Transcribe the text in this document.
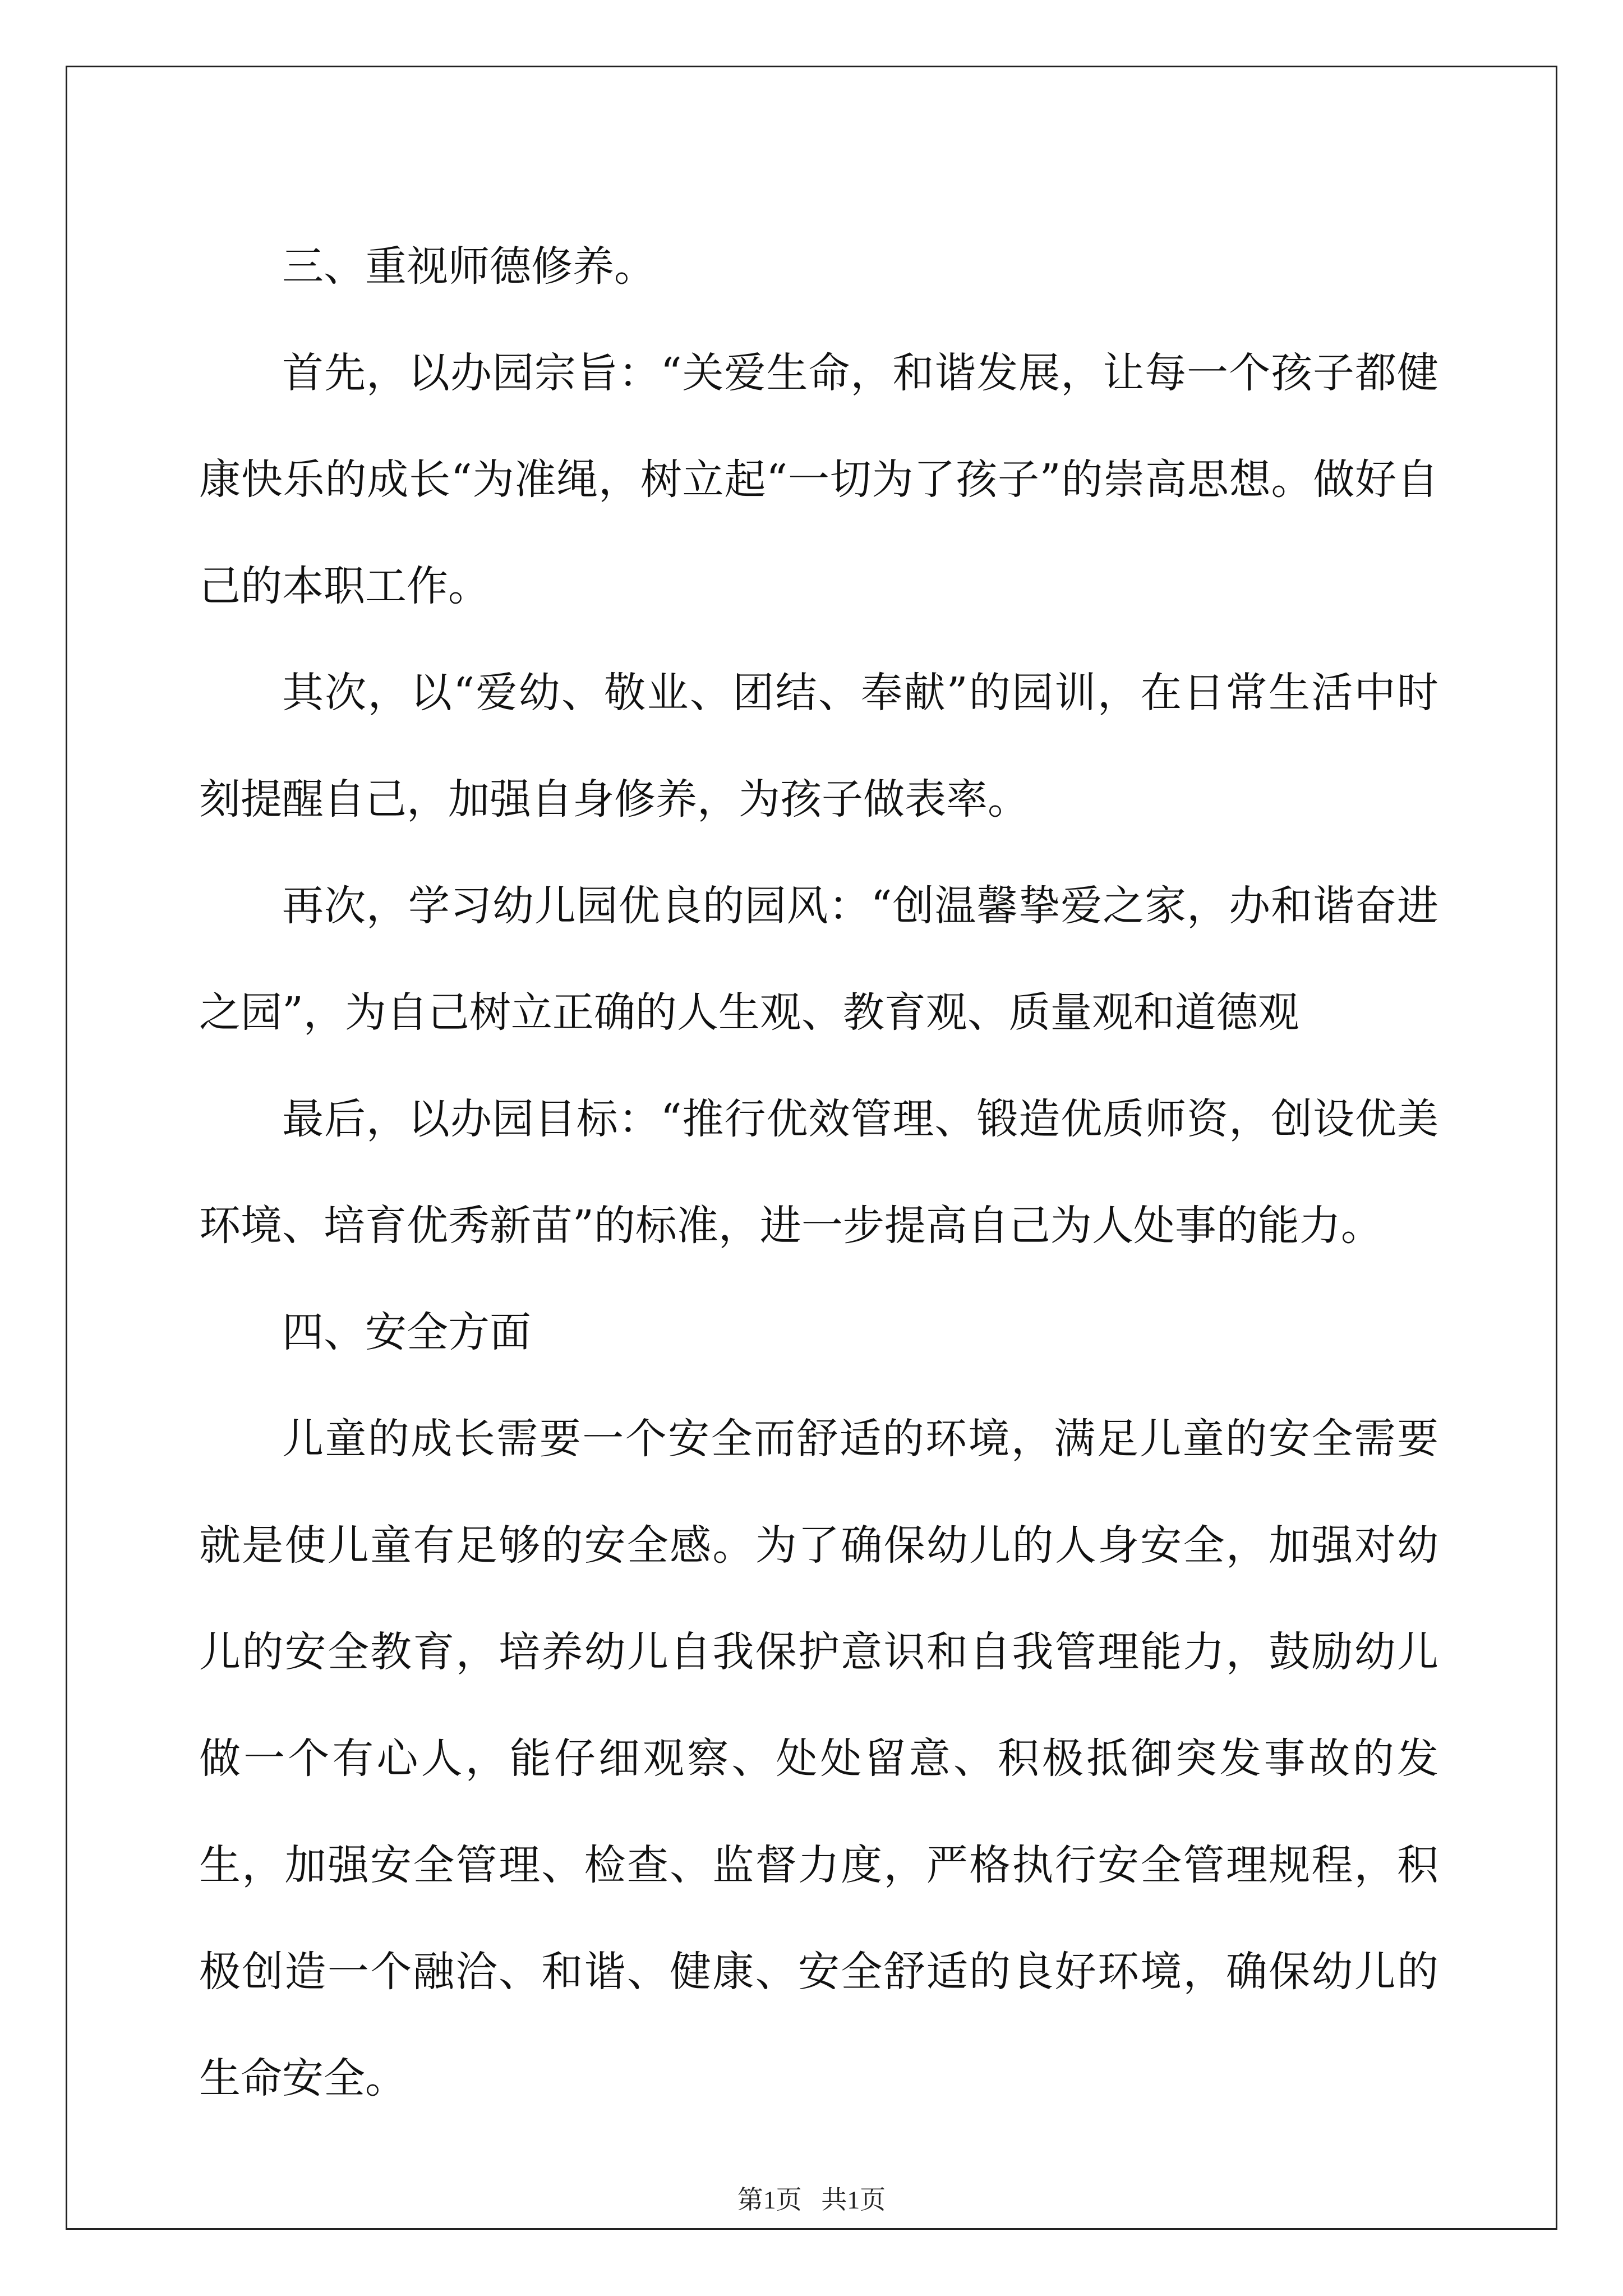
三、重视师德修养。

首先，以办园宗旨：“关爱生命，和谐发展，让每一个孩子都健康快乐的成长“为准绳，树立起“一切为了孩子”的崇高思想。做好自己的本职工作。

其次，以“爱幼、敬业、团结、奉献”的园训，在日常生活中时刻提醒自己，加强自身修养，为孩子做表率。

再次，学习幼儿园优良的园风：“创温馨挚爱之家，办和谐奋进之园”，为自己树立正确的人生观、教育观、质量观和道德观

最后，以办园目标：“推行优效管理、锻造优质师资，创设优美环境、培育优秀新苗”的标准，进一步提高自己为人处事的能力。

四、安全方面

儿童的成长需要一个安全而舒适的环境，满足儿童的安全需要就是使儿童有足够的安全感。为了确保幼儿的人身安全，加强对幼儿的安全教育，培养幼儿自我保护意识和自我管理能力，鼓励幼儿做一个有心人，能仔细观察、处处留意、积极抵御突发事故的发生，加强安全管理、检查、监督力度，严格执行安全管理规程，积极创造一个融洽、和谐、健康、安全舒适的良好环境，确保幼儿的生命安全。

第1页   共1页
